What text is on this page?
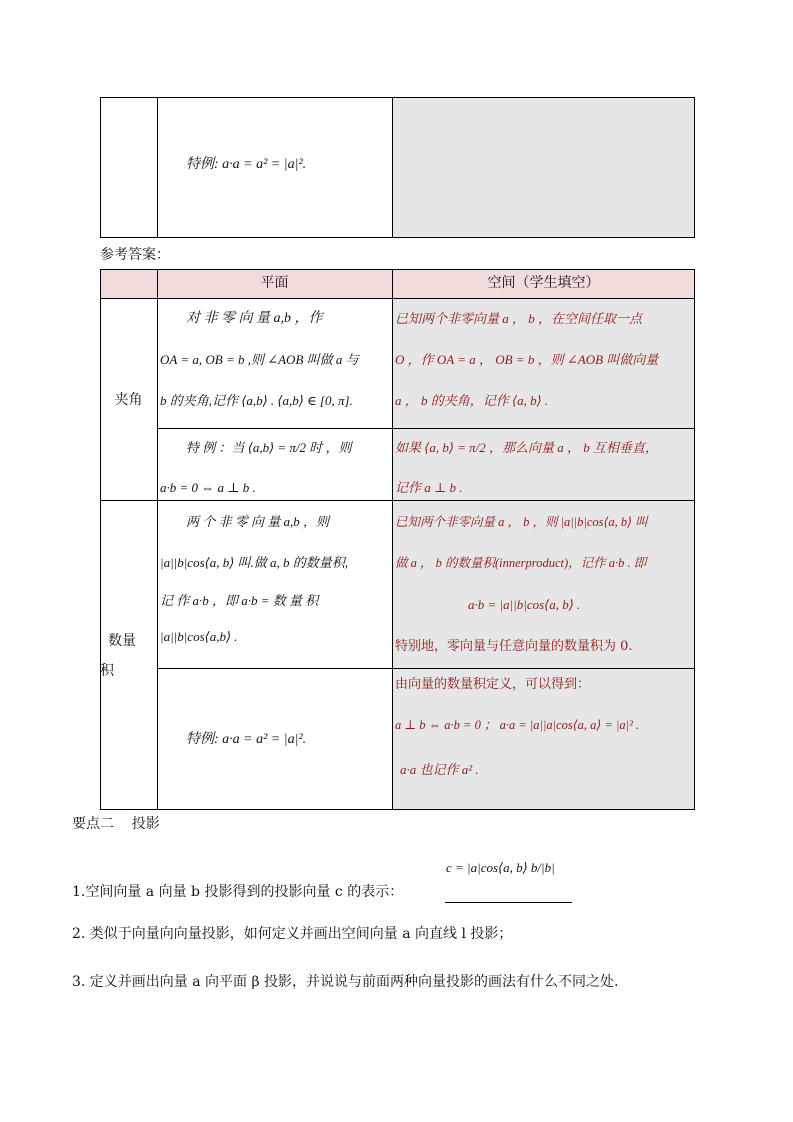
特例: a·a = a² = |a|².
参考答案：
平面	空间（学生填空）
夹角
数量
积
对 非 零 向 量 a,b ，作
OA = a, OB = b ,则 ∠AOB 叫做 a 与
b 的夹角,记作 ⟨a,b⟩ . ⟨a,b⟩ ∈ [0, π].
已知两个非零向量 a ， b ，在空间任取一点
O ，作 OA = a ， OB = b ，则 ∠AOB 叫做向量
a ， b 的夹角，记作 ⟨a, b⟩ .
特 例 ：当 ⟨a,b⟩ = π/2 时 ，则
a·b = 0 ⇔ a ⊥ b .
如果 ⟨a, b⟩ = π/2 ，那么向量 a ， b 互相垂直，
记作 a ⊥ b .
两 个 非 零 向 量 a,b ，则
|a||b|cos⟨a, b⟩ 叫.做 a, b 的数量积,
记 作 a·b ，即 a·b = 数 量 积
|a||b|cos⟨a,b⟩ .
已知两个非零向量 a ， b ，则 |a||b|cos⟨a, b⟩ 叫
做 a ， b 的数量积(innerproduct)，记作 a·b . 即
a·b = |a||b|cos⟨a, b⟩ .
特别地，零向量与任意向量的数量积为 0.
特例: a·a = a² = |a|².
由向量的数量积定义，可以得到：
a ⊥ b ⇔ a·b = 0 ； a·a = |a||a|cos⟨a, a⟩ = |a|² .
a·a 也记作 a² .
要点二    投影
1.空间向量 a 向量 b 投影得到的投影向量 c 的表示：
c = |a|cos⟨a, b⟩ b/|b|
2. 类似于向量向向量投影，如何定义并画出空间向量 a 向直线 l 投影；
3. 定义并画出向量 a 向平面 β 投影，并说说与前面两种向量投影的画法有什么不同之处.
